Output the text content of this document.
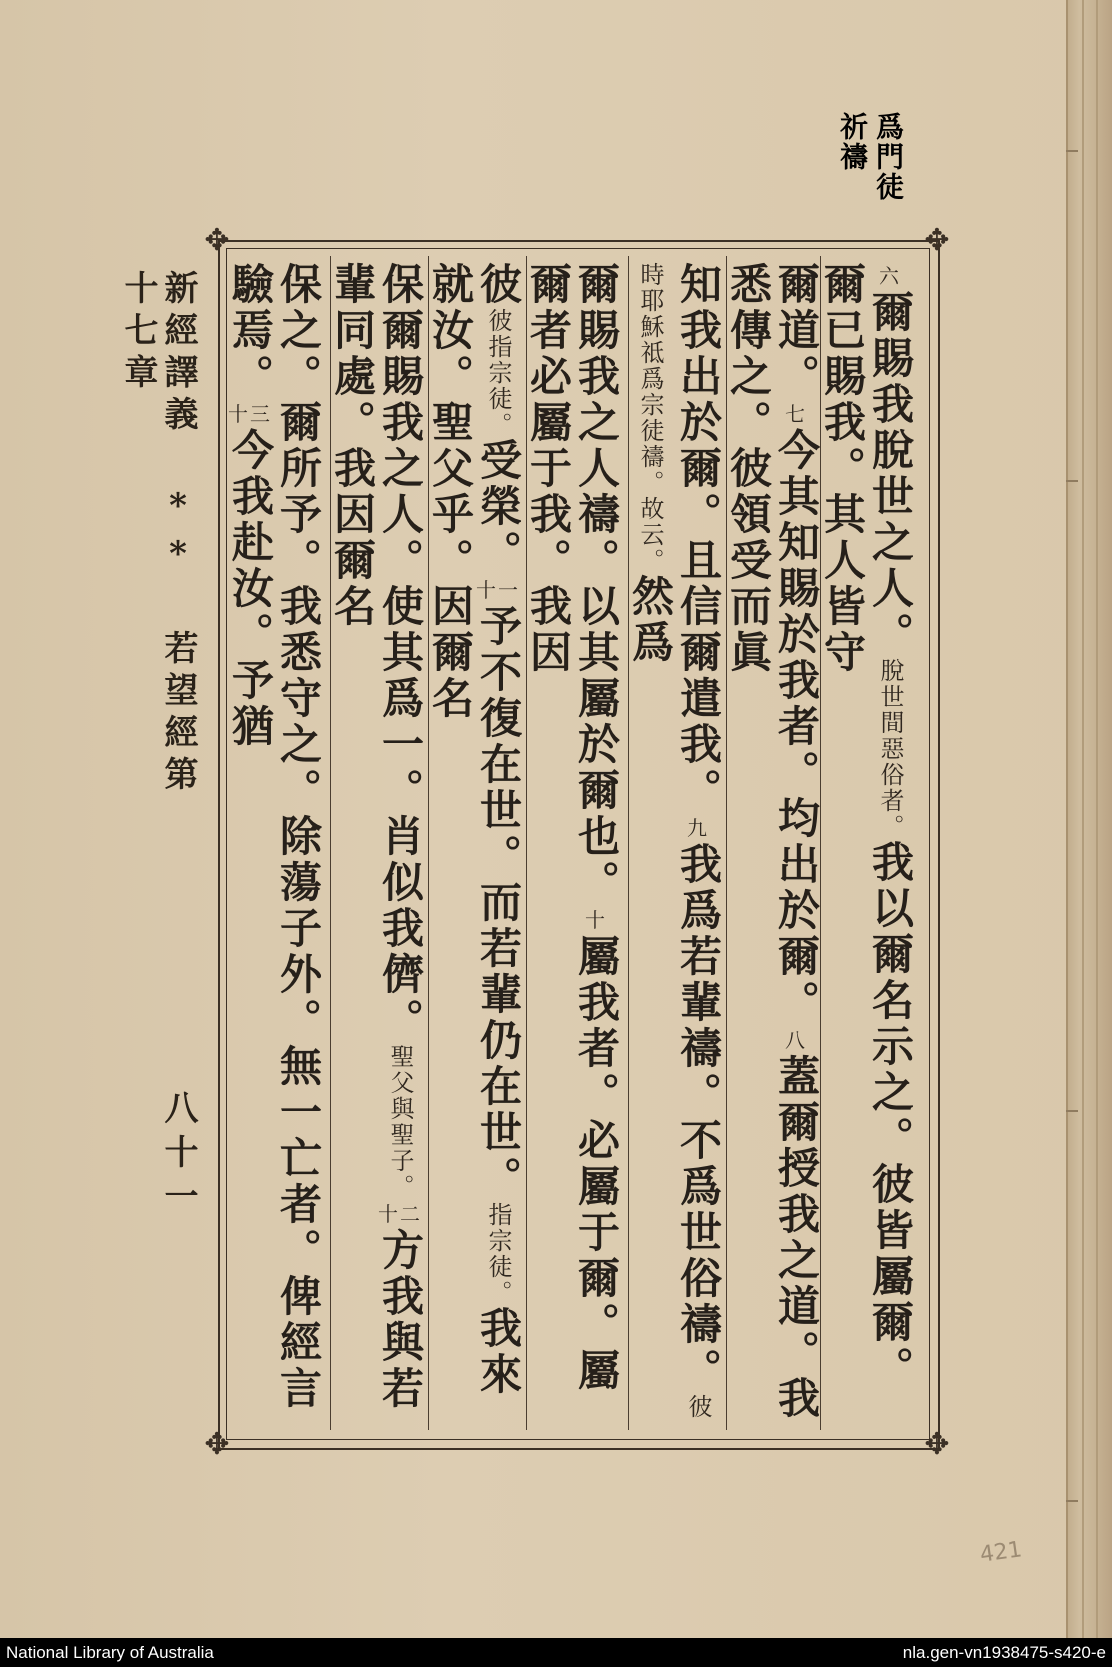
爲門徒
祈禱
✥	✥
✥	✥
六爾賜我脫世之人。脫世間惡俗者。我以爾名示之。彼皆屬爾。爾已賜我。其人皆守
爾道。七今其知賜於我者。均出於爾。八蓋爾授我之道。我悉傳之。彼領受而眞
知我出於爾。且信爾遣我。九我爲若輩禱。不爲世俗禱。彼時耶穌祗爲宗徒禱。故云。然爲
爾賜我之人禱。以其屬於爾也。十屬我者。必屬于爾。屬爾者必屬于我。我因
彼彼指宗徒。受榮。十一予不復在世。而若輩仍在世。指宗徒。我來就汝。聖父乎。因爾名
保爾賜我之人。使其爲一。肖似我儕。聖父與聖子。十二方我與若輩同處。我因爾名
保之。爾所予。我悉守之。除蕩子外。無一亡者。俾經言驗焉。十三今我赴汝。予猶
新經譯義 ** 若望經第十七章
八十一
421
National Library of Australia	nla.gen-vn1938475-s420-e
